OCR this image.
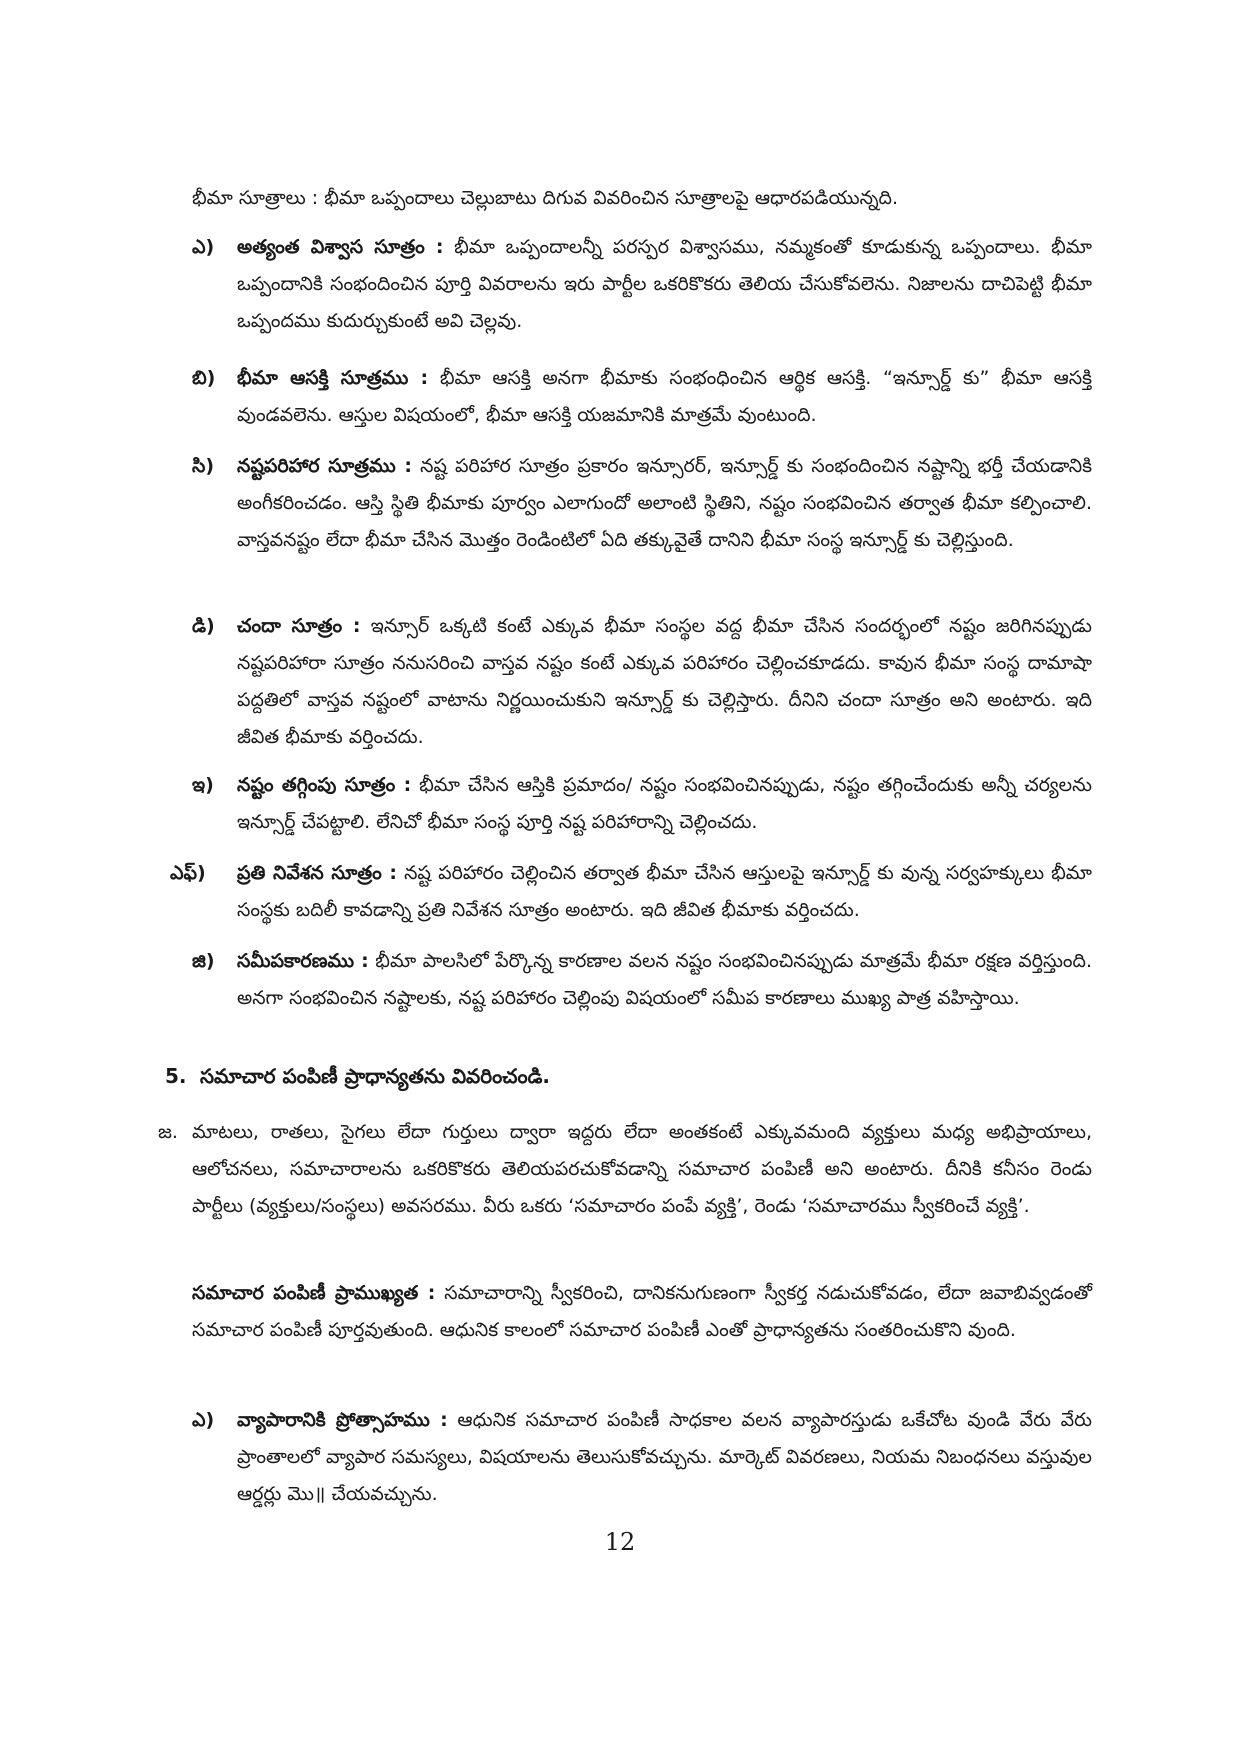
భీమా సూత్రాలు : భీమా ఒప్పందాలు చెల్లుబాటు దిగువ వివరించిన సూత్రాలపై ఆధారపడియున్నది.

ఎ) అత్యంత విశ్వాస సూత్రం : భీమా ఒప్పందాలన్నీ పరస్పర విశ్వాసము, నమ్మకంతో కూడుకున్న ఒప్పందాలు. భీమా ఒప్పందానికి సంభందించిన పూర్తి వివరాలను ఇరు పార్టీల ఒకరికొకరు తెలియ చేసుకోవలెను. నిజాలను దాచిపెట్టి భీమా ఒప్పందము కుదుర్చుకుంటే అవి చెల్లవు.
బి) భీమా ఆసక్తి సూత్రము : భీమా ఆసక్తి అనగా భీమాకు సంభంధించిన ఆర్థిక ఆసక్తి. “ఇన్సూర్డ్ కు” భీమా ఆసక్తి వుండవలెను. ఆస్తుల విషయంలో, భీమా ఆసక్తి యజమానికి మాత్రమే వుంటుంది.
సి) నష్టపరిహార సూత్రము : నష్ట పరిహార సూత్రం ప్రకారం ఇన్సూరర్, ఇన్సూర్డ్ కు సంభందించిన నష్టాన్ని భర్తీ చేయడానికి అంగీకరించడం. ఆస్తి స్థితి భీమాకు పూర్వం ఎలాగుందో అలాంటి స్థితిని, నష్టం సంభవించిన తర్వాత భీమా కల్పించాలి. వాస్తవనష్టం లేదా భీమా చేసిన మొత్తం రెండింటిలో ఏది తక్కువైతే దానిని భీమా సంస్థ ఇన్సూర్డ్ కు చెల్లిస్తుంది.
డి) చందా సూత్రం : ఇన్సూర్ ఒక్కటి కంటే ఎక్కువ భీమా సంస్థల వద్ద భీమా చేసిన సందర్భంలో నష్టం జరిగినప్పుడు నష్టపరిహారా సూత్రం ననుసరించి వాస్తవ నష్టం కంటే ఎక్కువ పరిహారం చెల్లించకూడదు. కావున భీమా సంస్థ దామాషా పద్దతిలో వాస్తవ నష్టంలో వాటాను నిర్ణయించుకుని ఇన్సూర్డ్ కు చెల్లిస్తారు. దీనిని చందా సూత్రం అని అంటారు. ఇది జీవిత భీమాకు వర్తించదు.
ఇ) నష్టం తగ్గింపు సూత్రం : భీమా చేసిన ఆస్తికి ప్రమాదం/ నష్టం సంభవించినప్పుడు, నష్టం తగ్గించేందుకు అన్నీ చర్యలను ఇన్సూర్డ్ చేపట్టాలి. లేనిచో భీమా సంస్థ పూర్తి నష్ట పరిహారాన్ని చెల్లించదు.
ఎఫ్) ప్రతి నివేశన సూత్రం : నష్ట పరిహారం చెల్లించిన తర్వాత భీమా చేసిన ఆస్తులపై ఇన్సూర్డ్ కు వున్న సర్వహక్కులు భీమా సంస్థకు బదిలీ కావడాన్ని ప్రతి నివేశన సూత్రం అంటారు. ఇది జీవిత భీమాకు వర్తించదు.
జి) సమీపకారణము : భీమా పాలసిలో పేర్కొన్న కారణాల వలన నష్టం సంభవించినప్పుడు మాత్రమే భీమా రక్షణ వర్తిస్తుంది. అనగా సంభవించిన నష్టాలకు, నష్ట పరిహారం చెల్లింపు విషయంలో సమీప కారణాలు ముఖ్య పాత్ర వహిస్తాయి.
5. సమాచార పంపిణీ ప్రాధాన్యతను వివరించండి.
జ. మాటలు, రాతలు, సైగలు లేదా గుర్తులు ద్వారా ఇద్దరు లేదా అంతకంటే ఎక్కువమంది వ్యక్తులు మధ్య అభిప్రాయాలు, ఆలోచనలు, సమాచారాలను ఒకరికొకరు తెలియపరచుకోవడాన్ని సమాచార పంపిణీ అని అంటారు. దీనికి కనీసం రెండు పార్టీలు (వ్యక్తులు/సంస్థలు) అవసరము. వీరు ఒకరు ‘సమాచారం పంపే వ్యక్తి’, రెండు ‘సమాచారము స్వీకరించే వ్యక్తి’.

సమాచార పంపిణీ ప్రాముఖ్యత : సమాచారాన్ని స్వీకరించి, దానికనుగుణంగా స్వీకర్త నడుచుకోవడం, లేదా జవాబివ్వడంతో సమాచార పంపిణీ పూర్తవుతుంది. ఆధునిక కాలంలో సమాచార పంపిణీ ఎంతో ప్రాధాన్యతను సంతరించుకొని వుంది.

ఎ) వ్యాపారానికి ప్రోత్సాహము : ఆధునిక సమాచార పంపిణీ సాధకాల వలన వ్యాపారస్తుడు ఒకేచోట వుండి వేరు వేరు ప్రాంతాలలో వ్యాపార సమస్యలు, విషయాలను తెలుసుకోవచ్చును. మార్కెట్ వివరణలు, నియమ నిబంధనలు వస్తువుల ఆర్డర్లు మొ॥ చేయవచ్చును.
12
